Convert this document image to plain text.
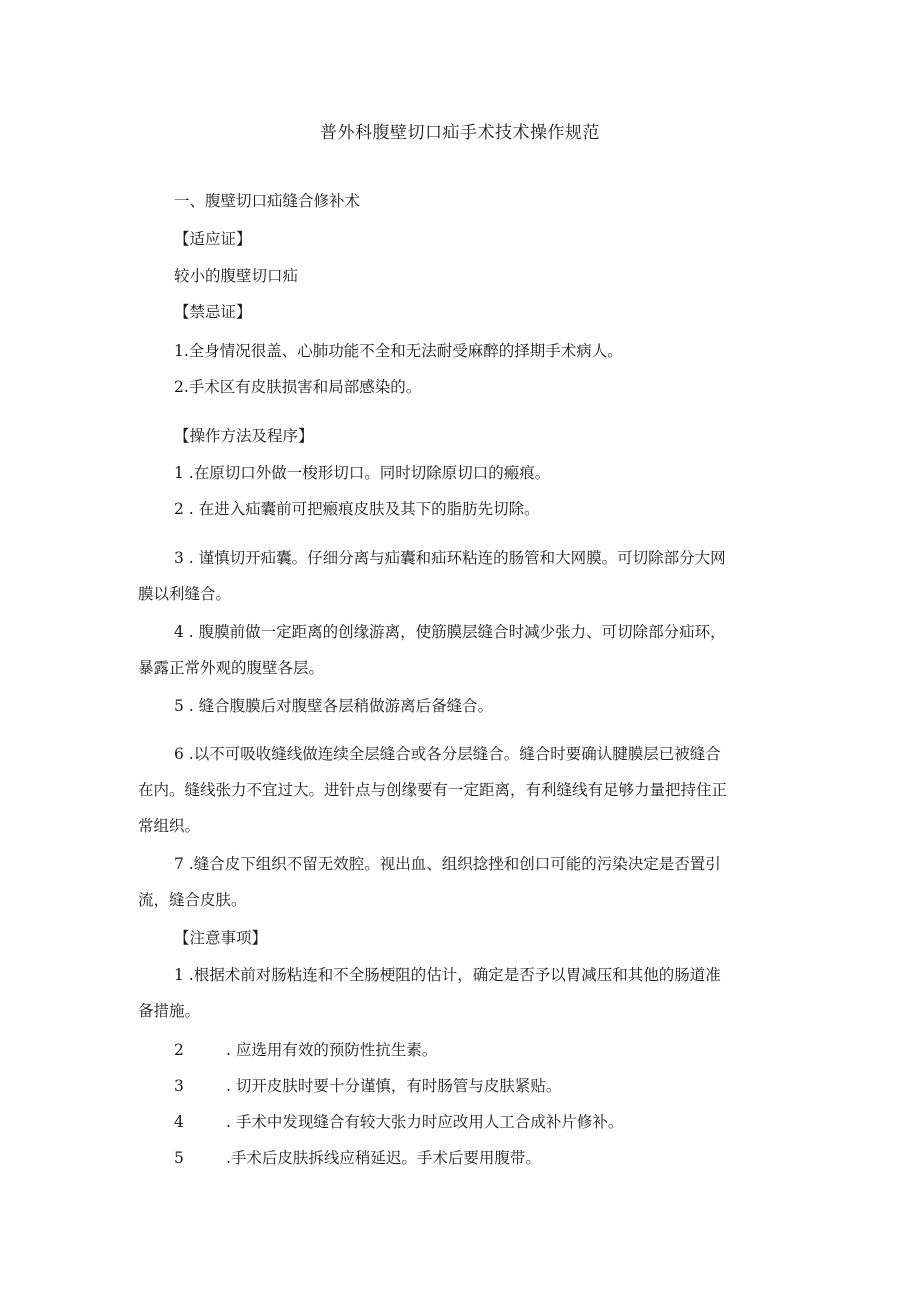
普外科腹壁切口疝手术技术操作规范
一、腹壁切口疝缝合修补术
【适应证】
较小的腹壁切口疝
【禁忌证】
1.全身情况很盖、心肺功能不全和无法耐受麻醉的择期手术病人。
2.手术区有皮肤损害和局部感染的。
【操作方法及程序】
1 .在原切口外做一梭形切口。同时切除原切口的瘢痕。
2 . 在进入疝囊前可把瘢痕皮肤及其下的脂肪先切除。
3 . 谨慎切开疝囊。仔细分离与疝囊和疝环粘连的肠管和大网膜。可切除部分大网
膜以利缝合。
4 . 腹膜前做一定距离的创缘游离，使筋膜层缝合时减少张力、可切除部分疝环，
暴露正常外观的腹壁各层。
5 . 缝合腹膜后对腹壁各层稍做游离后备缝合。
6 .以不可吸收缝线做连续全层缝合或各分层缝合。缝合时要确认腱膜层已被缝合
在内。缝线张力不宜过大。进针点与创缘要有一定距离，有利缝线有足够力量把持住正
常组织。
7 .缝合皮下组织不留无效腔。视出血、组织捻挫和创口可能的污染决定是否置引
流，缝合皮肤。
【注意事项】
1 .根据术前对肠粘连和不全肠梗阻的估计，确定是否予以胃减压和其他的肠道准
备措施。
2	. 应选用有效的预防性抗生素。
3	. 切开皮肤时要十分谨慎，有时肠管与皮肤紧贴。
4	. 手术中发现缝合有较大张力时应改用人工合成补片修补。
5	.手术后皮肤拆线应稍延迟。手术后要用腹带。
